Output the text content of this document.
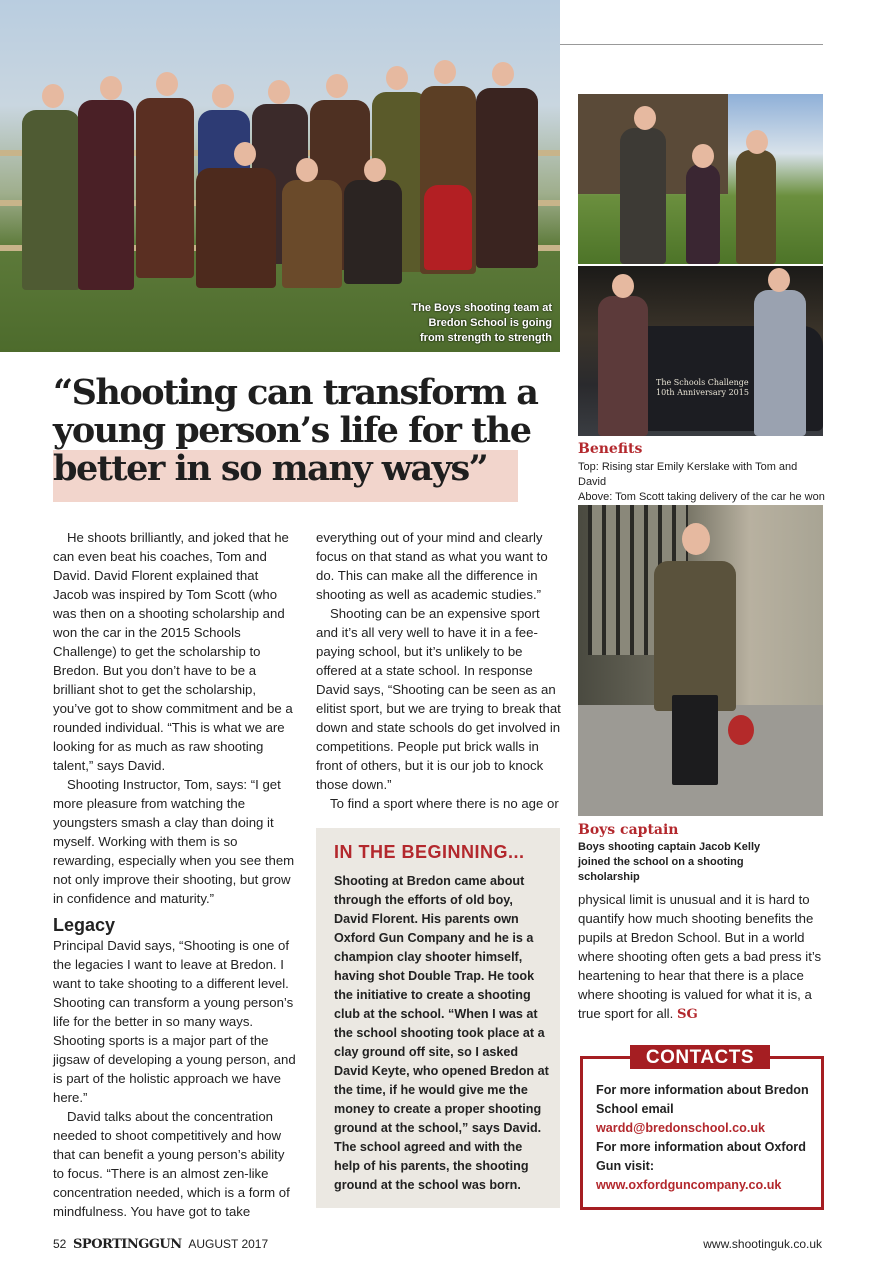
The Boys shooting team at Bredon School is going from strength to strength
The Schools Challenge
10th Anniversary 2015
Benefits
Top: Rising star Emily Kerslake with Tom and David
Above: Tom Scott taking delivery of the car he won
Boys captain
Boys shooting captain Jacob Kelly joined the school on a shooting scholarship
“Shooting can transform a
young person’s life for the
better in so many ways”

He shoots brilliantly, and joked that he can even beat his coaches, Tom and David. David Florent explained that Jacob was inspired by Tom Scott (who was then on a shooting scholarship and won the car in the 2015 Schools Challenge) to get the scholarship to Bredon. But you don’t have to be a brilliant shot to get the scholarship, you’ve got to show commitment and be a rounded individual. “This is what we are looking for as much as raw shooting talent,” says David.

Shooting Instructor, Tom, says: “I get more pleasure from watching the youngsters smash a clay than doing it myself. Working with them is so rewarding, especially when you see them not only improve their shooting, but grow in confidence and maturity.”

Legacy

Principal David says, “Shooting is one of the legacies I want to leave at Bredon. I want to take shooting to a different level. Shooting can transform a young person’s life for the better in so many ways. Shooting sports is a major part of the jigsaw of developing a young person, and is part of the holistic approach we have here.”

David talks about the concentration needed to shoot competitively and how that can benefit a young person’s ability to focus. “There is an almost zen-like concentration needed, which is a form of mindfulness. You have got to take

everything out of your mind and clearly focus on that stand as what you want to do. This can make all the difference in shooting as well as academic studies.”

Shooting can be an expensive sport and it’s all very well to have it in a fee-paying school, but it’s unlikely to be offered at a state school. In response David says, “Shooting can be seen as an elitist sport, but we are trying to break that down and state schools do get involved in competitions. People put brick walls in front of others, but it is our job to knock those down.”

To find a sport where there is no age or

IN THE BEGINNING...
Shooting at Bredon came about through the efforts of old boy, David Florent. His parents own Oxford Gun Company and he is a champion clay shooter himself, having shot Double Trap. He took the initiative to create a shooting club at the school. “When I was at the school shooting took place at a clay ground off site, so I asked David Keyte, who opened Bredon at the time, if he would give me the money to create a proper shooting ground at the school,” says David. The school agreed and with the help of his parents, the shooting ground at the school was born.

physical limit is unusual and it is hard to quantify how much shooting benefits the pupils at Bredon School. But in a world where shooting often gets a bad press it’s heartening to hear that there is a place where shooting is valued for what it is, a true sport for all. SG

CONTACTS
For more information about Bredon School email
wardd@bredonschool.co.uk
For more information about Oxford Gun visit:
www.oxfordguncompany.co.uk
52 SPORTINGGUN AUGUST 2017	www.shootinguk.co.uk
